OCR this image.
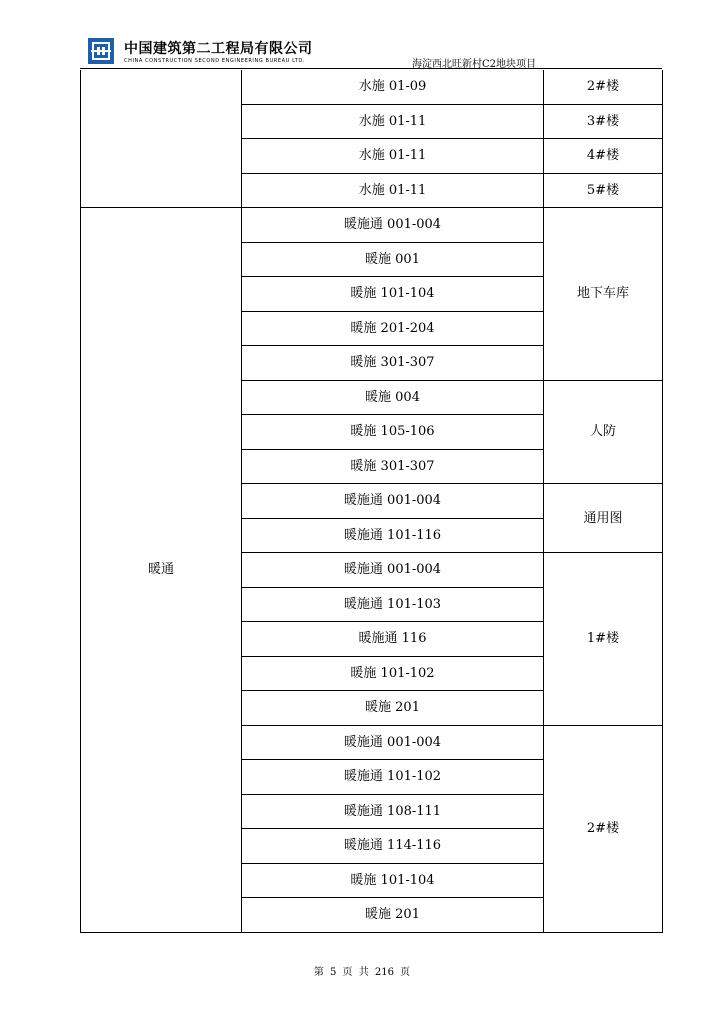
中国建筑第二工程局有限公司
CHINA CONSTRUCTION SECOND ENGINEERING BUREAU LTD.	海淀西北旺新村C2地块项目
	水施 01-09	2#楼
	水施 01-11	3#楼
	水施 01-11	4#楼
	水施 01-11	5#楼
暖通	暖施通 001-004	地下车库
	暖施 001	
	暖施 101-104	
	暖施 201-204	
	暖施 301-307	
	暖施 004	人防
	暖施 105-106	
	暖施 301-307	
	暖施通 001-004	通用图
	暖施通 101-116	
	暖施通 001-004	1#楼
	暖施通 101-103	
	暖施通 116	
	暖施 101-102	
	暖施 201	
	暖施通 001-004	2#楼
	暖施通 101-102	
	暖施通 108-111	
	暖施通 114-116	
	暖施 101-104	
	暖施 201	
第 5 页 共 216 页
